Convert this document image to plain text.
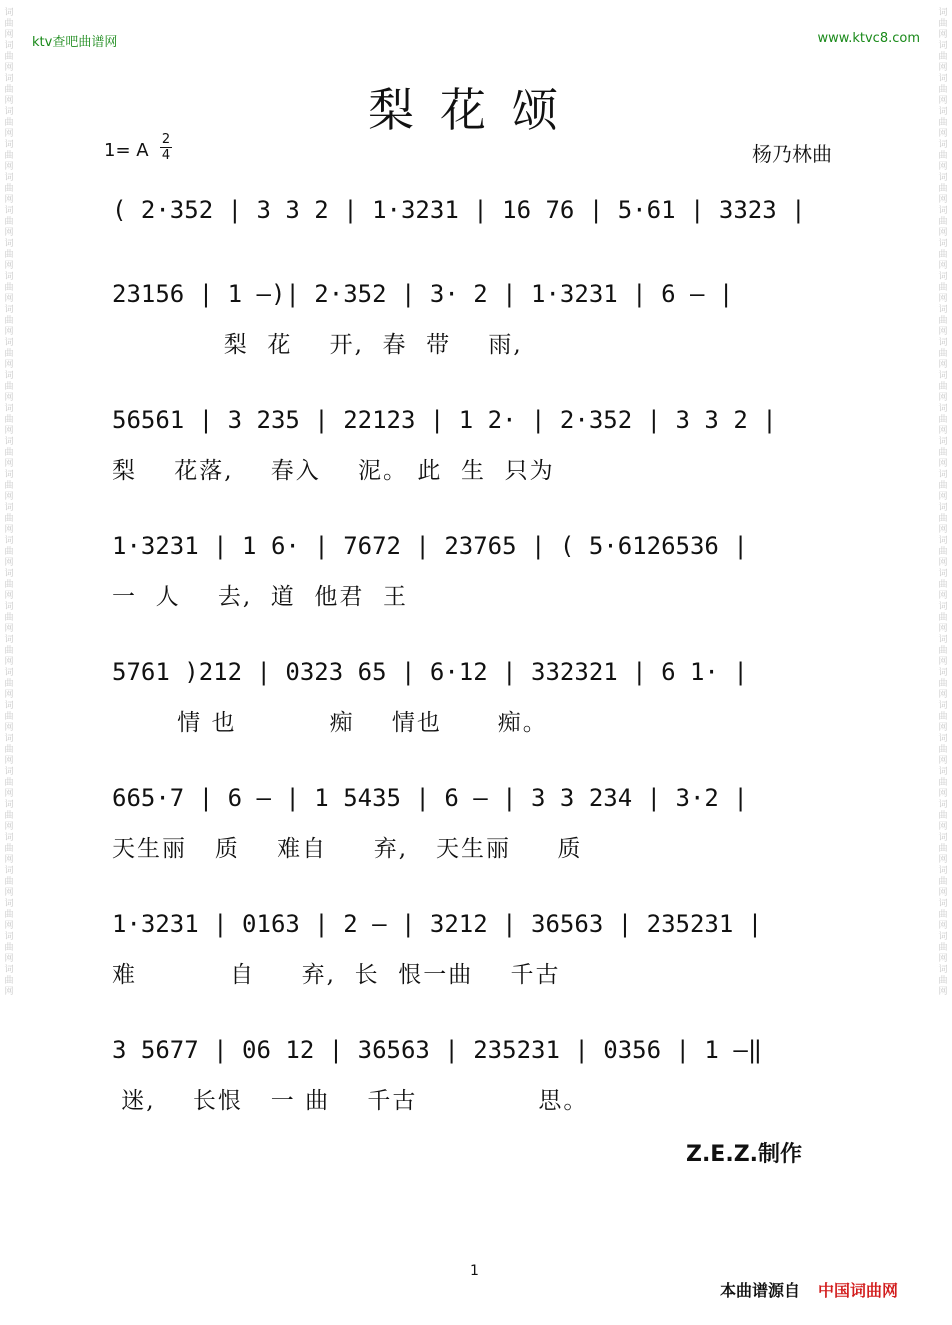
词曲网词曲网词曲网词曲网词曲网词曲网词曲网词曲网词曲网词曲网词曲网词曲网词曲网词曲网词曲网词曲网词曲网词曲网词曲网词曲网词曲网词曲网词曲网词曲网词曲网词曲网词曲网词曲网词曲网词曲网
词曲网词曲网词曲网词曲网词曲网词曲网词曲网词曲网词曲网词曲网词曲网词曲网词曲网词曲网词曲网词曲网词曲网词曲网词曲网词曲网词曲网词曲网词曲网词曲网词曲网词曲网词曲网词曲网词曲网词曲网
ktv查吧曲谱网	www.ktvc8.com
梨花颂
1= A
2
4	杨乃林曲
( 2·352 | 3 3 2 | 1·3231 | 16 76 | 5·61 | 3323 |
23156 | 1 –)| 2·352 | 3· 2 | 1·3231 | 6 – |
梨  花    开,  春  带    雨,
56561 | 3 235 | 22123 | 1 2· | 2·352 | 3 3 2 |
梨    花落,    春入    泥。 此  生  只为
1·3231 | 1 6· | 7672 | 23765 | ( 5·6126536 |
一  人    去,  道  他君  王
5761 )212 | 0323 65 | 6·12 | 332321 | 6 1· |
情 也          痴    情也      痴。
665·7 | 6 – | 1 5435 | 6 – | 3 3 234 | 3·2 |
天生丽   质    难自     弃,   天生丽     质
1·3231 | 0163 | 2 – | 3212 | 36563 | 235231 |
难          自     弃,  长  恨一曲    千古
3 5677 | 06 12 | 36563 | 235231 | 0356 | 1 –‖
迷,    长恨   一 曲    千古             思。
Z.E.Z.制作
1
本曲谱源自 中国词曲网
